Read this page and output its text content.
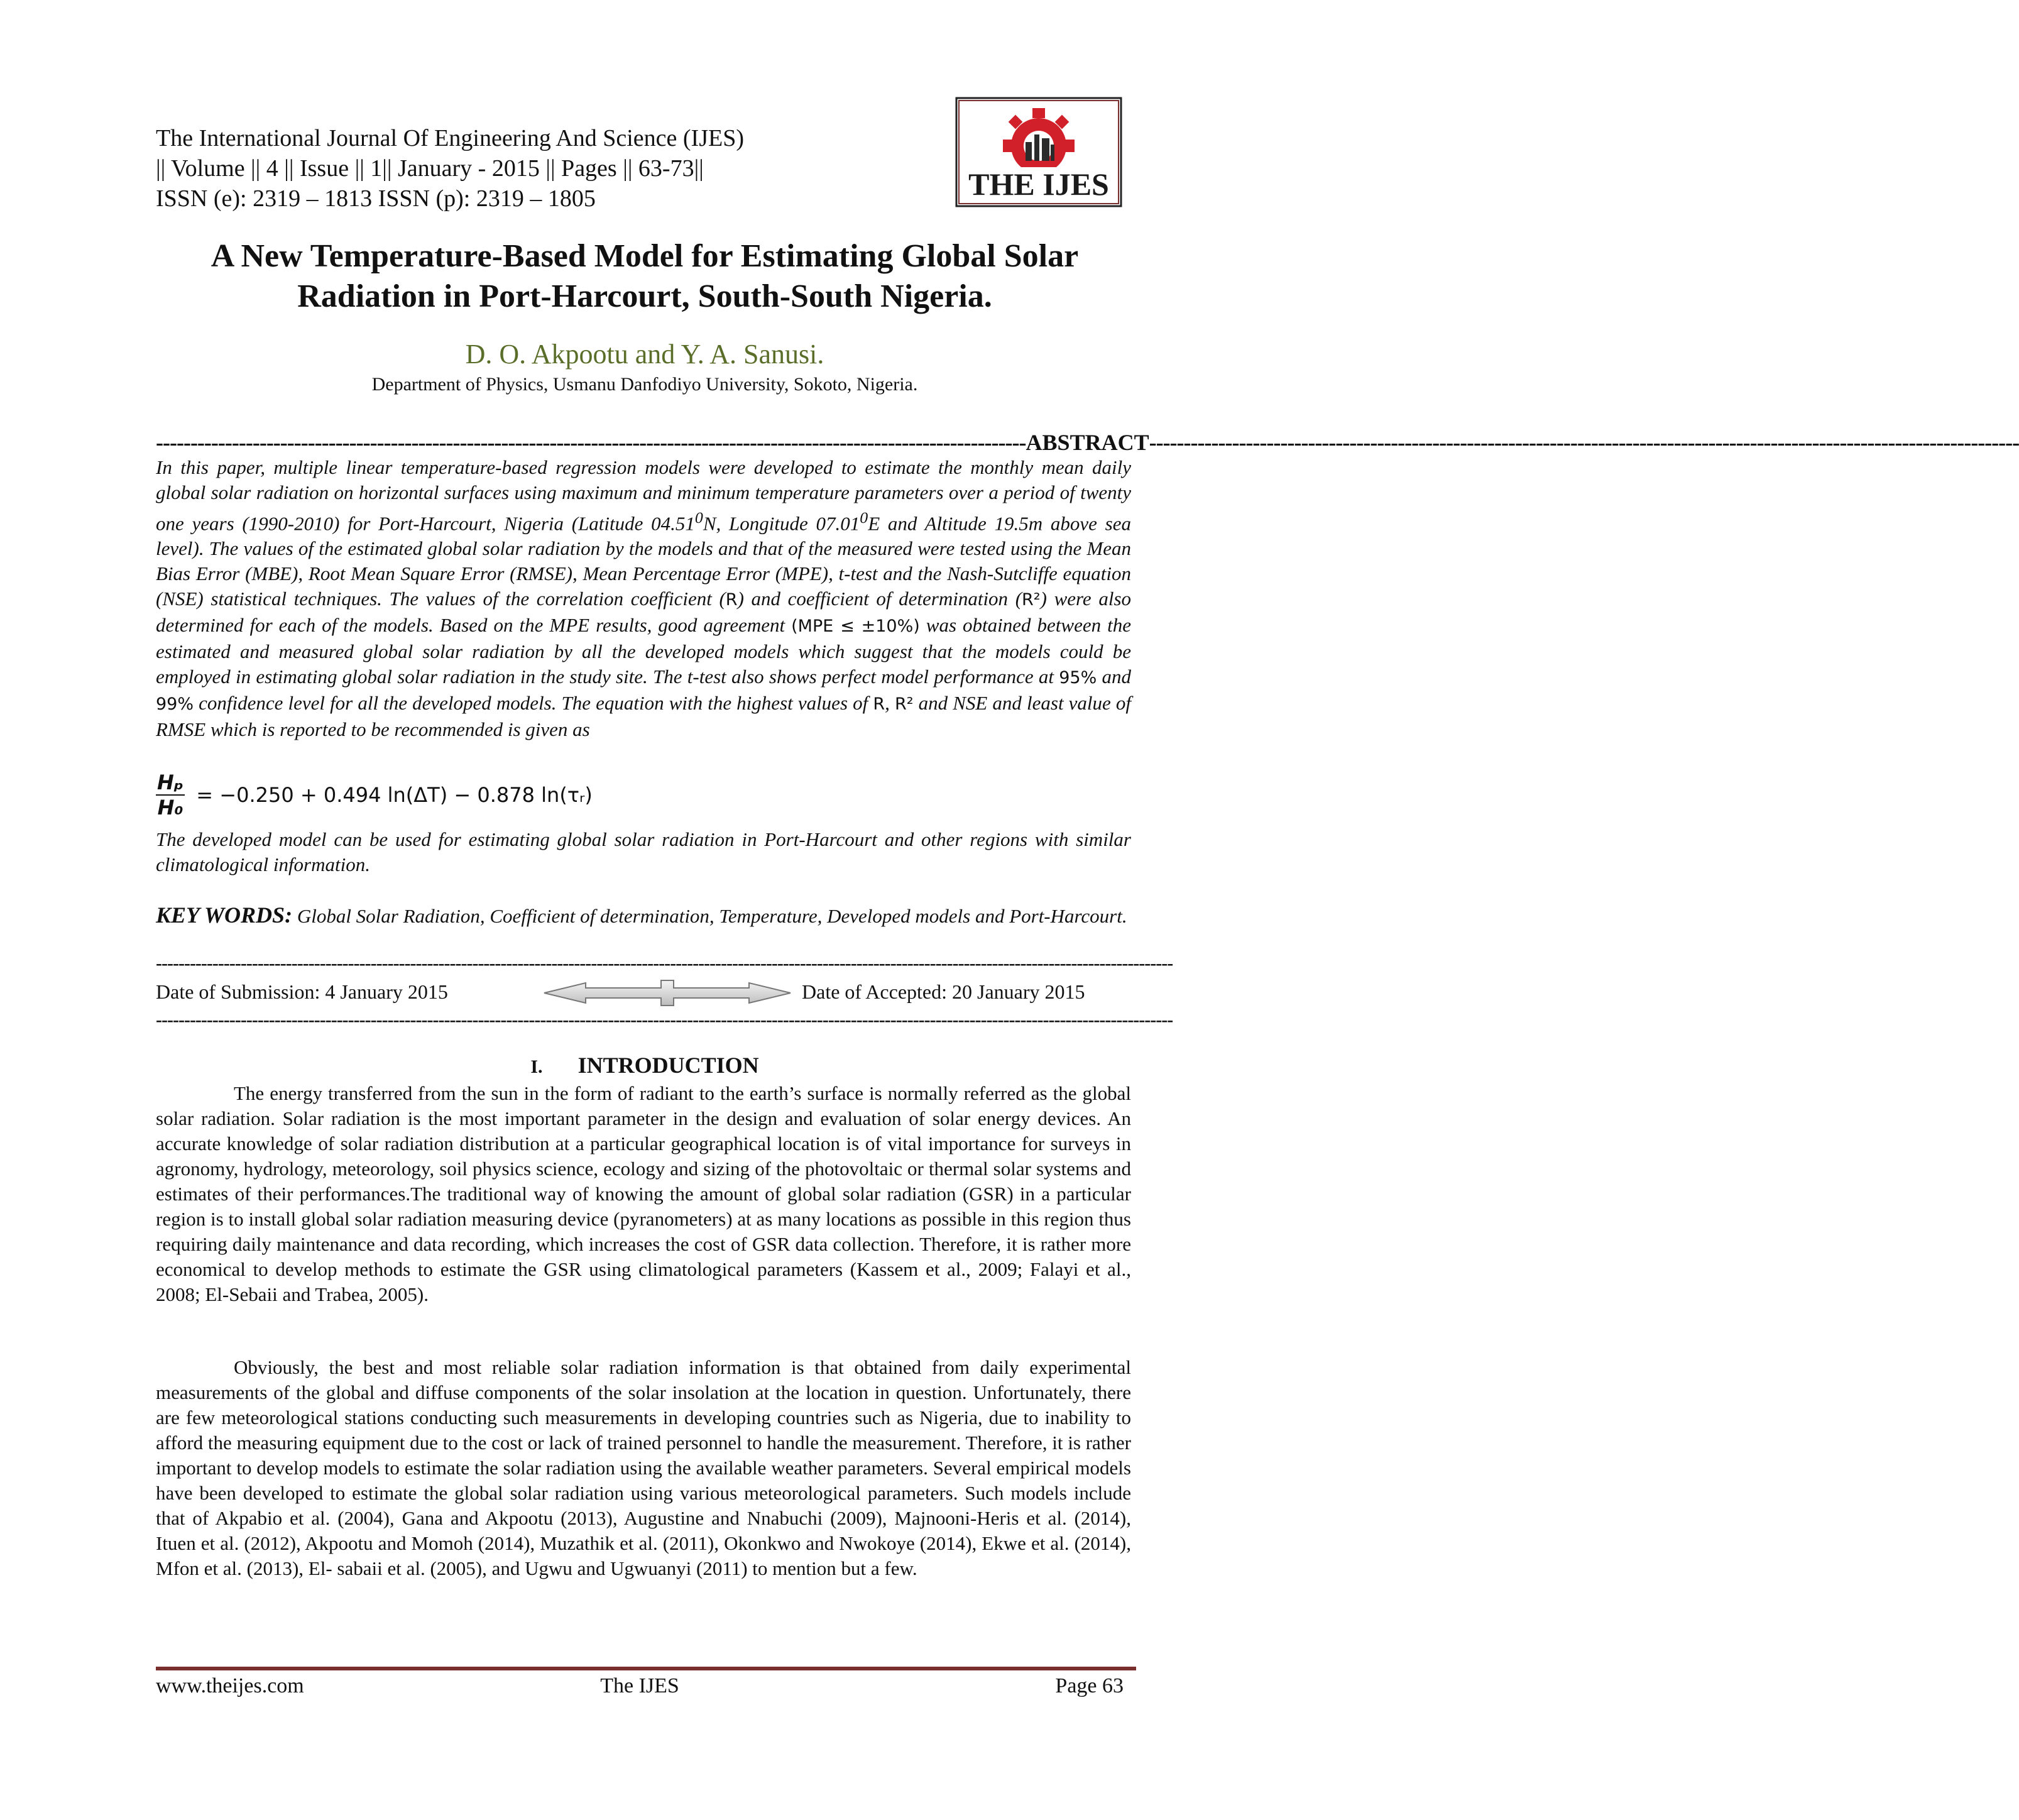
The International Journal Of Engineering And Science (IJES)
|| Volume || 4 || Issue || 1|| January - 2015 || Pages || 63-73||
ISSN (e): 2319 – 1813 ISSN (p): 2319 – 1805	THE IJES
A New Temperature-Based Model for Estimating Global Solar
Radiation in Port-Harcourt, South-South Nigeria.
D. O. Akpootu and Y. A. Sanusi.
Department of Physics, Usmanu Danfodiyo University, Sokoto, Nigeria.
------------------------------------------------------------------------------------------------------------------------------ ABSTRACT ------------------------------------------------------------------------------------------------------------------------------
In this paper, multiple linear temperature-based regression models were developed to estimate the monthly mean daily global solar radiation on horizontal surfaces using maximum and minimum temperature parameters over a period of twenty one years (1990-2010) for Port-Harcourt, Nigeria (Latitude 04.51$^0$N, Longitude 07.01$^0$E and Altitude 19.5m above sea level). The values of the estimated global solar radiation by the models and that of the measured were tested using the Mean Bias Error (MBE), Root Mean Square Error (RMSE), Mean Percentage Error (MPE), t-test and the Nash-Sutcliffe equation (NSE) statistical techniques. The values of the correlation coefficient (R) and coefficient of determination (R²) were also determined for each of the models. Based on the MPE results, good agreement (MPE ≤ ±10%) was obtained between the estimated and measured global solar radiation by all the developed models which suggest that the models could be employed in estimating global solar radiation in the study site. The t-test also shows perfect model performance at 95% and 99% confidence level for all the developed models. The equation with the highest values of R, R² and NSE and least value of RMSE which is reported to be recommended is given as
$\frac{\text{Hₚ}}{\text{H₀}} = -0.250 + 0.494$ ln(ΔT) − 0.878 ln(τᵣ)
The developed model can be used for estimating global solar radiation in Port-Harcourt and other regions with similar climatological information.
KEY WORDS: Global Solar Radiation, Coefficient of determination, Temperature, Developed models and Port-Harcourt.
------------------------------------------------------------------------------------------------------------------------------------------------------------------------------------
Date of Submission: 4 January 2015	Date of Accepted: 20 January 2015
------------------------------------------------------------------------------------------------------------------------------------------------------------------------------------
I. INTRODUCTION

The energy transferred from the sun in the form of radiant to the earth’s surface is normally referred as the global solar radiation. Solar radiation is the most important parameter in the design and evaluation of solar energy devices. An accurate knowledge of solar radiation distribution at a particular geographical location is of vital importance for surveys in agronomy, hydrology, meteorology, soil physics science, ecology and sizing of the photovoltaic or thermal solar systems and estimates of their performances.The traditional way of knowing the amount of global solar radiation (GSR) in a particular region is to install global solar radiation measuring device (pyranometers) at as many locations as possible in this region thus requiring daily maintenance and data recording, which increases the cost of GSR data collection. Therefore, it is rather more economical to develop methods to estimate the GSR using climatological parameters (Kassem et al., 2009; Falayi et al., 2008; El-Sebaii and Trabea, 2005).

Obviously, the best and most reliable solar radiation information is that obtained from daily experimental measurements of the global and diffuse components of the solar insolation at the location in question. Unfortunately, there are few meteorological stations conducting such measurements in developing countries such as Nigeria, due to inability to afford the measuring equipment due to the cost or lack of trained personnel to handle the measurement. Therefore, it is rather important to develop models to estimate the solar radiation using the available weather parameters. Several empirical models have been developed to estimate the global solar radiation using various meteorological parameters. Such models include that of Akpabio et al. (2004), Gana and Akpootu (2013), Augustine and Nnabuchi (2009), Majnooni-Heris et al. (2014), Ituen et al. (2012), Akpootu and Momoh (2014), Muzathik et al. (2011), Okonkwo and Nwokoye (2014), Ekwe et al. (2014), Mfon et al. (2013), El- sabaii et al. (2005), and Ugwu and Ugwuanyi (2011) to mention but a few.

www.theijes.com	The IJES	Page 63
